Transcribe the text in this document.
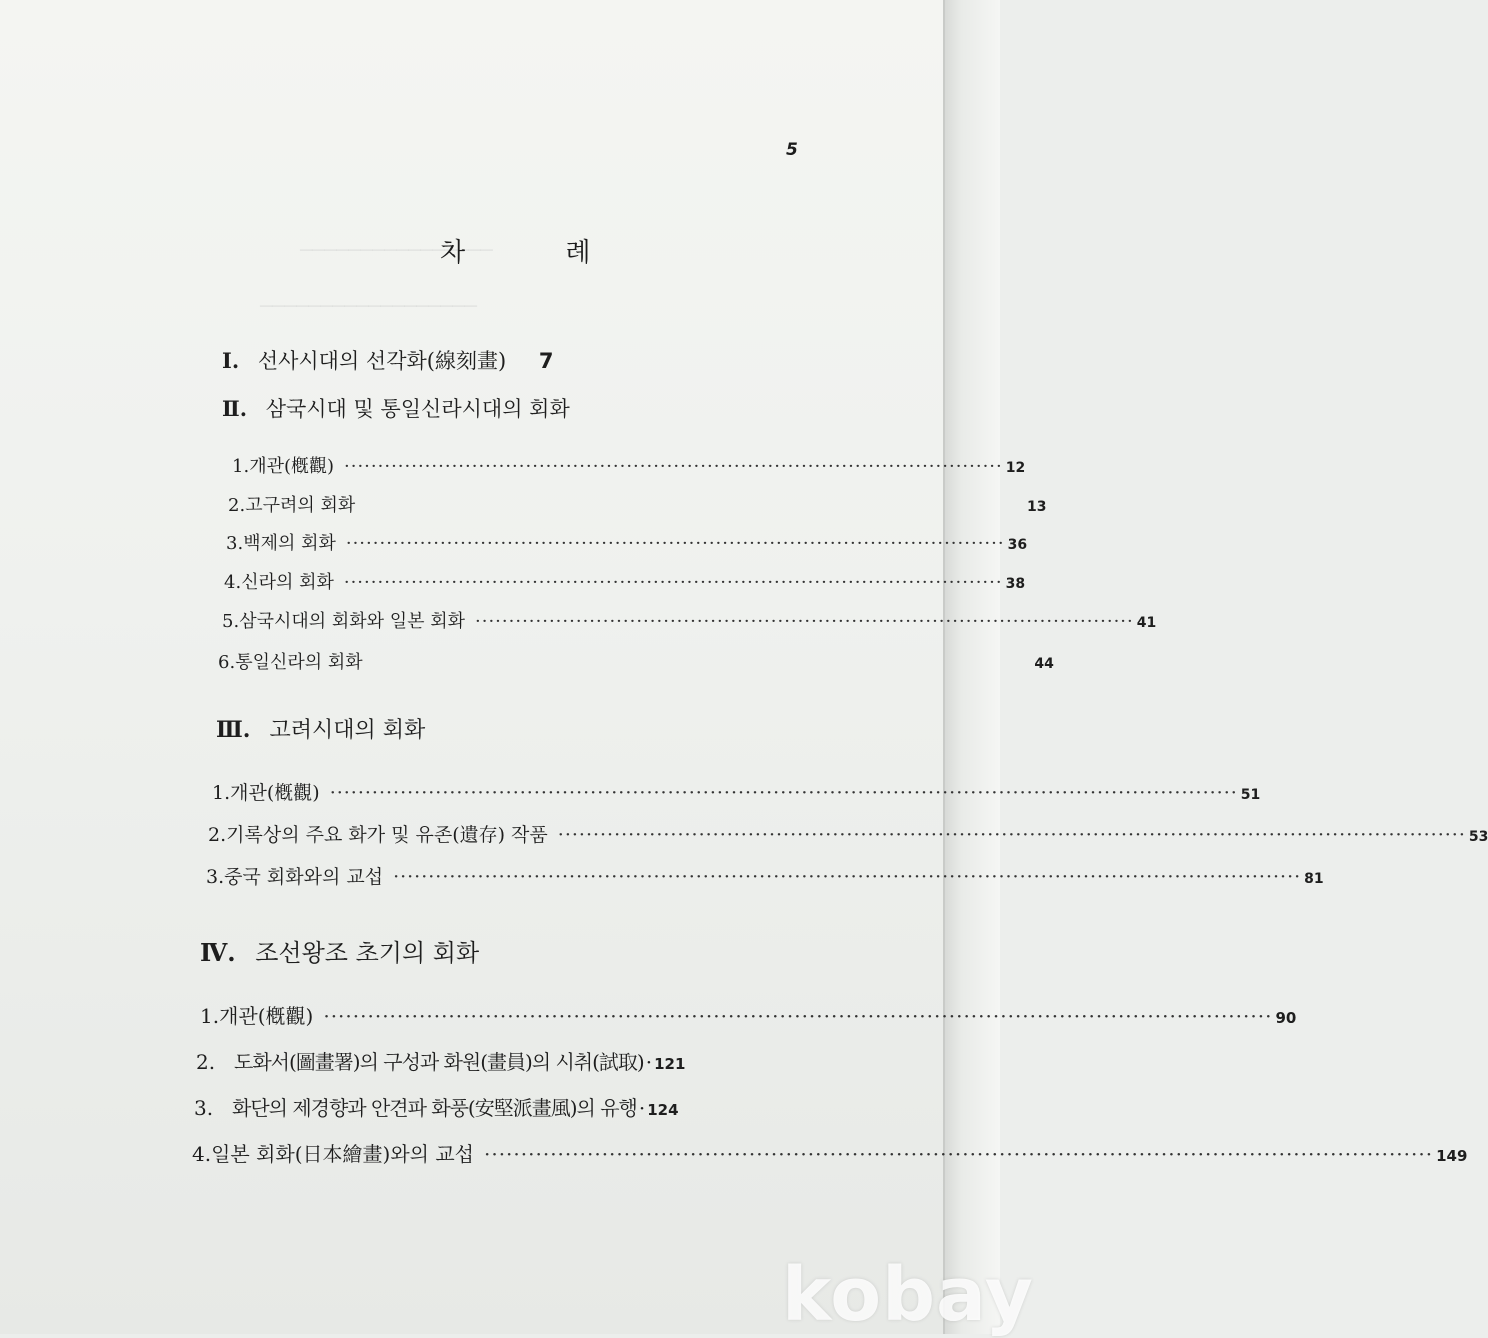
────────────────
──────────────────
5
차 례
Ⅰ. 선사시대의 선각화(線刻畫) 7
Ⅱ. 삼국시대 및 통일신라시대의 회화
1. 개관(槪觀) ·································································································· 12
2. 고구려의 회화	13
3. 백제의 회화 ·································································································· 36
4. 신라의 회화 ·································································································· 38
5. 삼국시대의 회화와 일본 회화 ·································································································· 41
6. 통일신라의 회화	44
Ⅲ. 고려시대의 회화
1. 개관(槪觀) ································································································································· 51
2. 기록상의 주요 화가 및 유존(遺存) 작품 ································································································································· 53
3. 중국 회화와의 교섭 ································································································································· 81
Ⅳ. 조선왕조 초기의 회화
1. 개관(槪觀) ································································································································· 90
2. 도화서(圖畫署)의 구성과 화원(畫員)의 시취(試取) · 121
3. 화단의 제경향과 안견파 화풍(安堅派畫風)의 유행 · 124
4. 일본 회화(日本繪畫)와의 교섭 ································································································································· 149
kobay
